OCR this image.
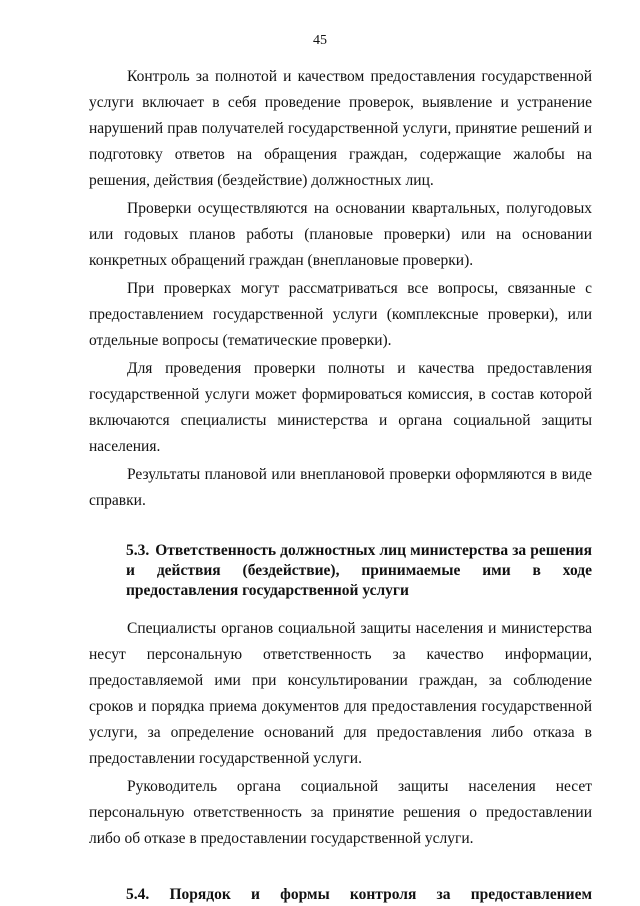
45

Контроль за полнотой и качеством предоставления государственной услуги включает в себя проведение проверок, выявление и устранение нарушений прав получателей государственной услуги, принятие решений и подготовку ответов на обращения граждан, содержащие жалобы на решения, действия (бездействие) должностных лиц.

Проверки осуществляются на основании квартальных, полугодовых или годовых планов работы (плановые проверки) или на основании конкретных обращений граждан (внеплановые проверки).

При проверках могут рассматриваться все вопросы, связанные с предоставлением государственной услуги (комплексные проверки), или отдельные вопросы (тематические проверки).

Для проведения проверки полноты и качества предоставления государственной услуги может формироваться комиссия, в состав которой включаются специалисты министерства и органа социальной защиты населения.

Результаты плановой или внеплановой проверки оформляются в виде справки.

5.3. Ответственность должностных лиц министерства за решения и действия (бездействие), принимаемые ими в ходе предоставления государственной услуги

Специалисты органов социальной защиты населения и министерства несут персональную ответственность за качество информации, предоставляемой ими при консультировании граждан, за соблюдение сроков и порядка приема документов для предоставления государственной услуги, за определение оснований для предоставления либо отказа в предоставлении государственной услуги.

Руководитель органа социальной защиты населения несет персональную ответственность за принятие решения о предоставлении либо об отказе в предоставлении государственной услуги.

5.4. Порядок и формы контроля за предоставлением
